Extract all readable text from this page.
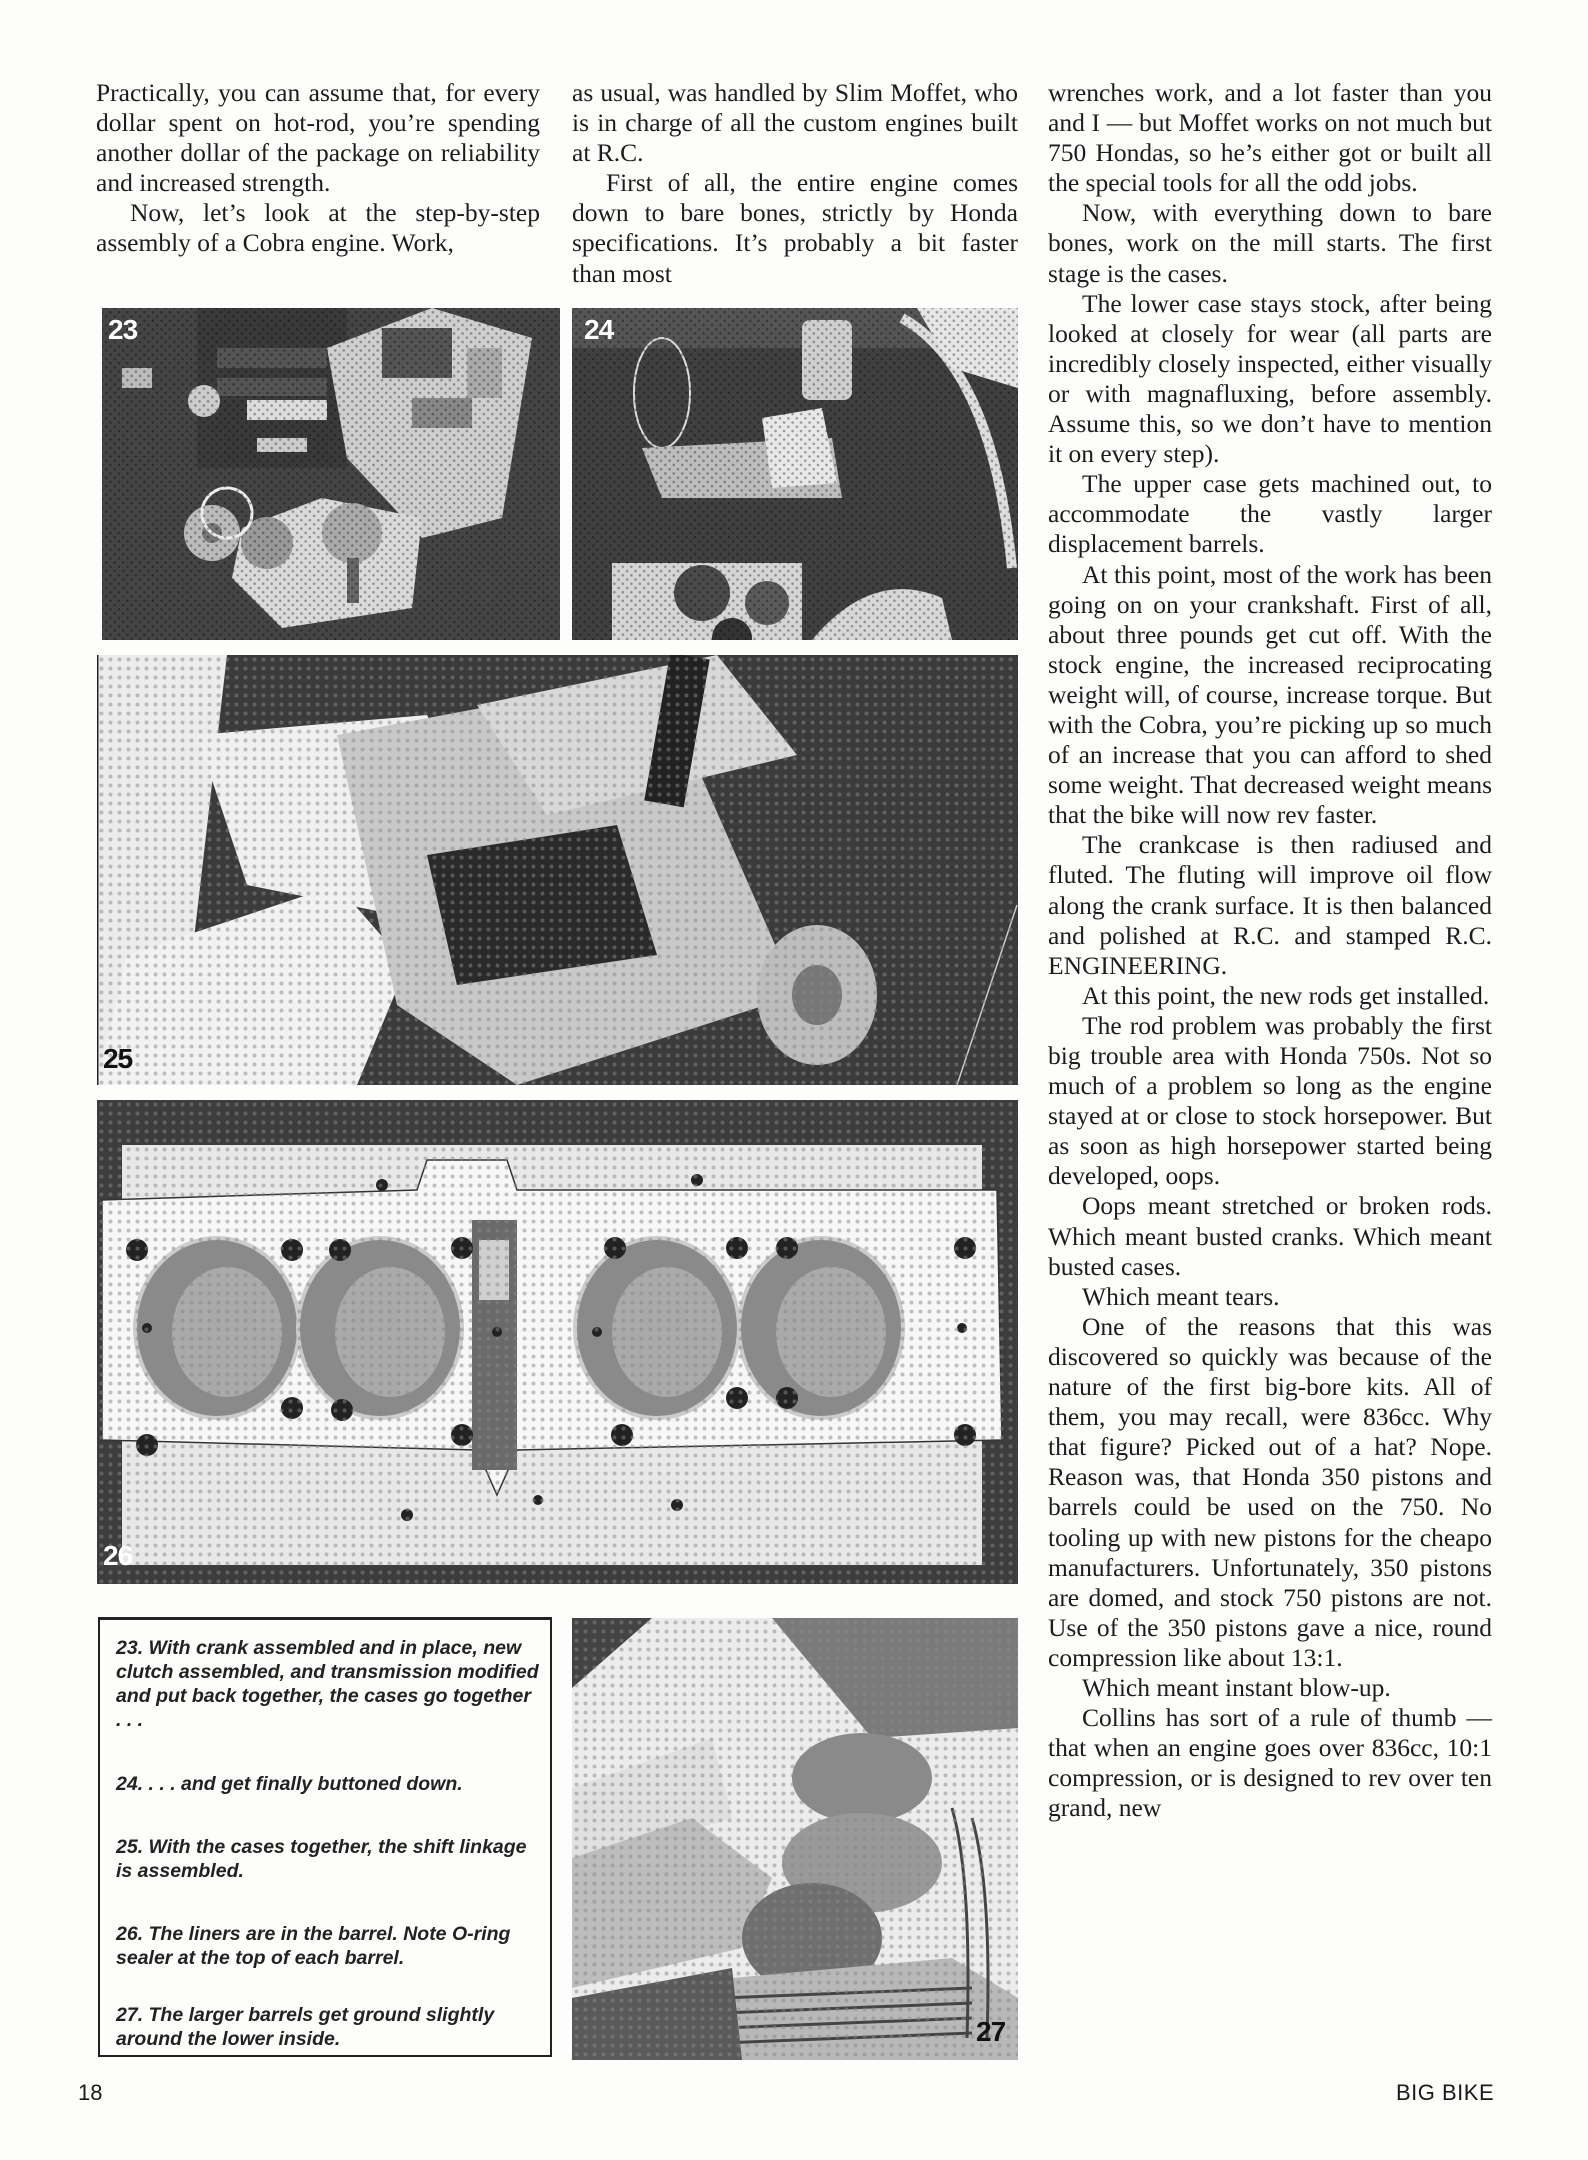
Practically, you can assume that, for every dollar spent on hot-rod, you’re spending another dollar of the package on reliability and increased strength.

Now, let’s look at the step-by-step assembly of a Cobra engine. Work,

as usual, was handled by Slim Moffet, who is in charge of all the custom engines built at R.C.

First of all, the entire engine comes down to bare bones, strictly by Honda specifications. It’s probably a bit faster than most

wrenches work, and a lot faster than you and I — but Moffet works on not much but 750 Hondas, so he’s either got or built all the special tools for all the odd jobs.

Now, with everything down to bare bones, work on the mill starts. The first stage is the cases.

The lower case stays stock, after being looked at closely for wear (all parts are incredibly closely inspected, either visually or with magnafluxing, before assembly. Assume this, so we don’t have to mention it on every step).

The upper case gets machined out, to accommodate the vastly larger displacement barrels.

At this point, most of the work has been going on on your crankshaft. First of all, about three pounds get cut off. With the stock engine, the increased reciprocating weight will, of course, increase torque. But with the Cobra, you’re picking up so much of an increase that you can afford to shed some weight. That decreased weight means that the bike will now rev faster.

The crankcase is then radiused and fluted. The fluting will improve oil flow along the crank surface. It is then balanced and polished at R.C. and stamped R.C. ENGINEERING.

At this point, the new rods get installed.

The rod problem was probably the first big trouble area with Honda 750s. Not so much of a problem so long as the engine stayed at or close to stock horsepower. But as soon as high horsepower started being developed, oops.

Oops meant stretched or broken rods. Which meant busted cranks. Which meant busted cases.

Which meant tears.

One of the reasons that this was discovered so quickly was because of the nature of the first big-bore kits. All of them, you may recall, were 836cc. Why that figure? Picked out of a hat? Nope. Reason was, that Honda 350 pistons and barrels could be used on the 750. No tooling up with new pistons for the cheapo manufacturers. Unfortunately, 350 pistons are domed, and stock 750 pistons are not. Use of the 350 pistons gave a nice, round compression like about 13:1.

Which meant instant blow-up.

Collins has sort of a rule of thumb — that when an engine goes over 836cc, 10:1 compression, or is designed to rev over ten grand, new

23	24
25
26

23. With crank assembled and in place, new clutch assembled, and transmission modified and put back together, the cases go together . . .

24. . . . and get finally buttoned down.

25. With the cases together, the shift linkage is assembled.

26. The liners are in the barrel. Note O-ring sealer at the top of each barrel.

27. The larger barrels get ground slightly around the lower inside.	27
18	BIG BIKE
